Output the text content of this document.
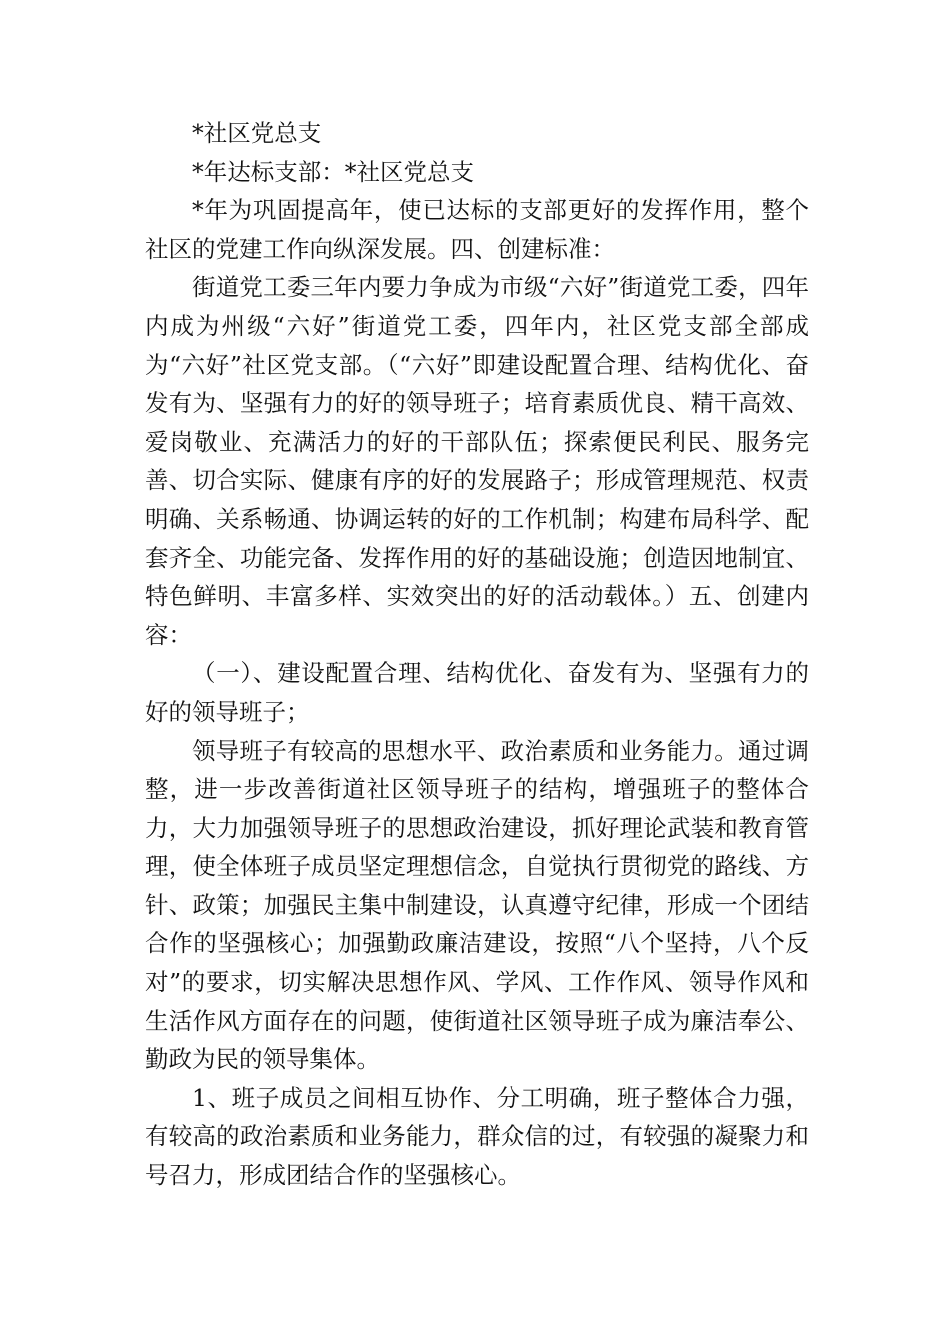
*社区党总支

*年达标支部：*社区党总支

*年为巩固提高年，使已达标的支部更好的发挥作用，整个社区的党建工作向纵深发展。四、创建标准：

街道党工委三年内要力争成为市级“六好”街道党工委，四年内成为州级“六好”街道党工委，四年内，社区党支部全部成为“六好”社区党支部。（“六好”即建设配置合理、结构优化、奋发有为、坚强有力的好的领导班子；培育素质优良、精干高效、爱岗敬业、充满活力的好的干部队伍；探索便民利民、服务完善、切合实际、健康有序的好的发展路子；形成管理规范、权责明确、关系畅通、协调运转的好的工作机制；构建布局科学、配套齐全、功能完备、发挥作用的好的基础设施；创造因地制宜、特色鲜明、丰富多样、实效突出的好的活动载体。）五、创建内容：

（一）、建设配置合理、结构优化、奋发有为、坚强有力的好的领导班子；

领导班子有较高的思想水平、政治素质和业务能力。通过调整，进一步改善街道社区领导班子的结构，增强班子的整体合力，大力加强领导班子的思想政治建设，抓好理论武装和教育管理，使全体班子成员坚定理想信念，自觉执行贯彻党的路线、方针、政策；加强民主集中制建设，认真遵守纪律，形成一个团结合作的坚强核心；加强勤政廉洁建设，按照“八个坚持，八个反对”的要求，切实解决思想作风、学风、工作作风、领导作风和生活作风方面存在的问题，使街道社区领导班子成为廉洁奉公、勤政为民的领导集体。

1、班子成员之间相互协作、分工明确，班子整体合力强，有较高的政治素质和业务能力，群众信的过，有较强的凝聚力和号召力，形成团结合作的坚强核心。
